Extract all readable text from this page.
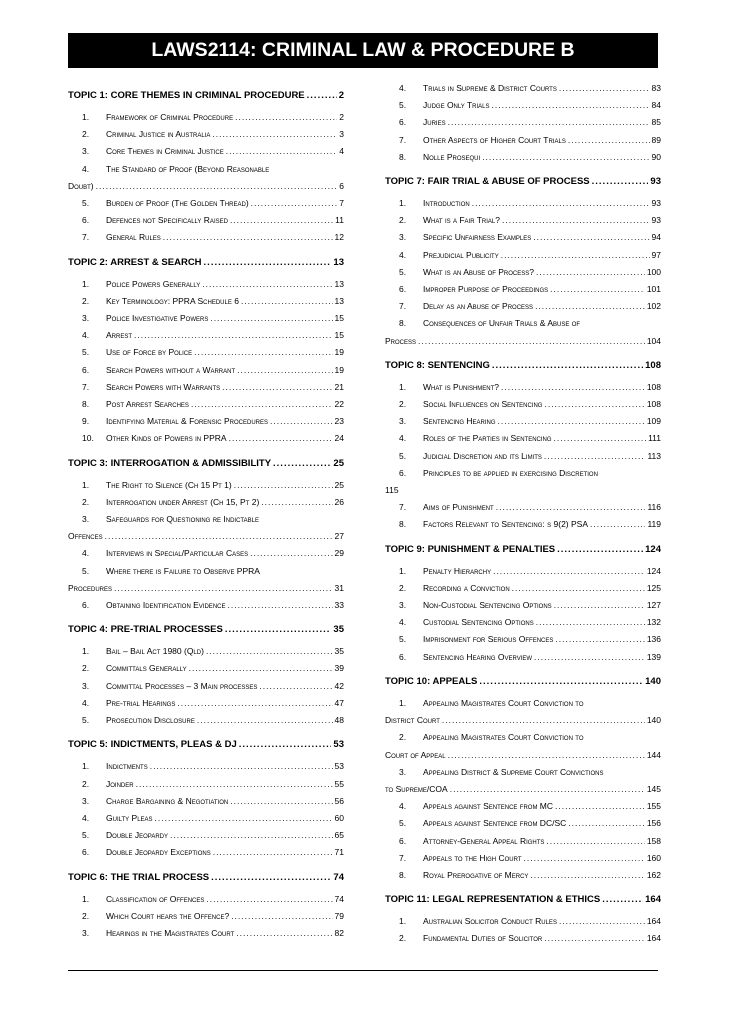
LAWS2114: CRIMINAL LAW & PROCEDURE B
TOPIC 1: CORE THEMES IN CRIMINAL PROCEDURE .....	2
1.	Framework of Criminal Procedure .....	2
2.	Criminal Justice in Australia .....	3
3.	Core Themes in Criminal Justice .....	4
4.	The Standard of Proof (Beyond Reasonable
Doubt) .....	6
5.	Burden of Proof (The Golden Thread) .....	7
6.	Defences not Specifically Raised .....	11
7.	General Rules .....	12
TOPIC 2: ARREST & SEARCH .....	13
1.	Police Powers Generally .....	13
2.	Key Terminology: PPRA Schedule 6 .....	13
3.	Police Investigative Powers .....	15
4.	Arrest .....	15
5.	Use of Force by Police .....	19
6.	Search Powers without a Warrant .....	19
7.	Search Powers with Warrants .....	21
8.	Post Arrest Searches .....	22
9.	Identifying Material & Forensic Procedures .....	23
10.	Other Kinds of Powers in PPRA .....	24
TOPIC 3: INTERROGATION & ADMISSIBILITY .....	25
1.	The Right to Silence (Ch 15 Pt 1) .....	25
2.	Interrogation under Arrest (Ch 15, Pt 2) .....	26
3.	Safeguards for Questioning re Indictable
Offences .....	27
4.	Interviews in Special/Particular Cases .....	29
5.	Where there is Failure to Observe PPRA
Procedures .....	31
6.	Obtaining Identification Evidence .....	33
TOPIC 4: PRE-TRIAL PROCESSES .....	35
1.	Bail – Bail Act 1980 (Qld) .....	35
2.	Committals Generally .....	39
3.	Committal Processes – 3 Main processes .....	42
4.	Pre-trial Hearings .....	47
5.	Prosecution Disclosure .....	48
TOPIC 5: INDICTMENTS, PLEAS & DJ .....	53
1.	Indictments .....	53
2.	Joinder .....	55
3.	Charge Bargaining & Negotiation .....	56
4.	Guilty Pleas .....	60
5.	Double Jeopardy .....	65
6.	Double Jeopardy Exceptions .....	71
TOPIC 6: THE TRIAL PROCESS .....	74
1.	Classification of Offences .....	74
2.	Which Court hears the Offence? .....	79
3.	Hearings in the Magistrates Court .....	82
4.	Trials in Supreme & District Courts .....	83
5.	Judge Only Trials .....	84
6.	Juries .....	85
7.	Other Aspects of Higher Court Trials .....	89
8.	Nolle Prosequi .....	90
TOPIC 7: FAIR TRIAL & ABUSE OF PROCESS .....	93
1.	Introduction .....	93
2.	What is a Fair Trial? .....	93
3.	Specific Unfairness Examples .....	94
4.	Prejudicial Publicity .....	97
5.	What is an Abuse of Process? .....	100
6.	Improper Purpose of Proceedings .....	101
7.	Delay as an Abuse of Process .....	102
8.	Consequences of Unfair Trials & Abuse of
Process .....	104
TOPIC 8: SENTENCING .....	108
1.	What is Punishment? .....	108
2.	Social Influences on Sentencing .....	108
3.	Sentencing Hearing .....	109
4.	Roles of the Parties in Sentencing .....	111
5.	Judicial Discretion and its Limits .....	113
6.	Principles to be applied in exercising Discretion
115
7.	Aims of Punishment .....	116
8.	Factors Relevant to Sentencing: s 9(2) PSA .....	119
TOPIC 9: PUNISHMENT & PENALTIES .....	124
1.	Penalty Hierarchy .....	124
2.	Recording a Conviction .....	125
3.	Non-Custodial Sentencing Options .....	127
4.	Custodial Sentencing Options .....	132
5.	Imprisonment for Serious Offences .....	136
6.	Sentencing Hearing Overview .....	139
TOPIC 10: APPEALS .....	140
1.	Appealing Magistrates Court Conviction to
District Court .....	140
2.	Appealing Magistrates Court Conviction to
Court of Appeal .....	144
3.	Appealing District & Supreme Court Convictions
to Supreme/COA .....	145
4.	Appeals against Sentence from MC .....	155
5.	Appeals against Sentence from DC/SC .....	156
6.	Attorney-General Appeal Rights .....	158
7.	Appeals to the High Court .....	160
8.	Royal Prerogative of Mercy .....	162
TOPIC 11: LEGAL REPRESENTATION & ETHICS .....	164
1.	Australian Solicitor Conduct Rules .....	164
2.	Fundamental Duties of Solicitor .....	164
